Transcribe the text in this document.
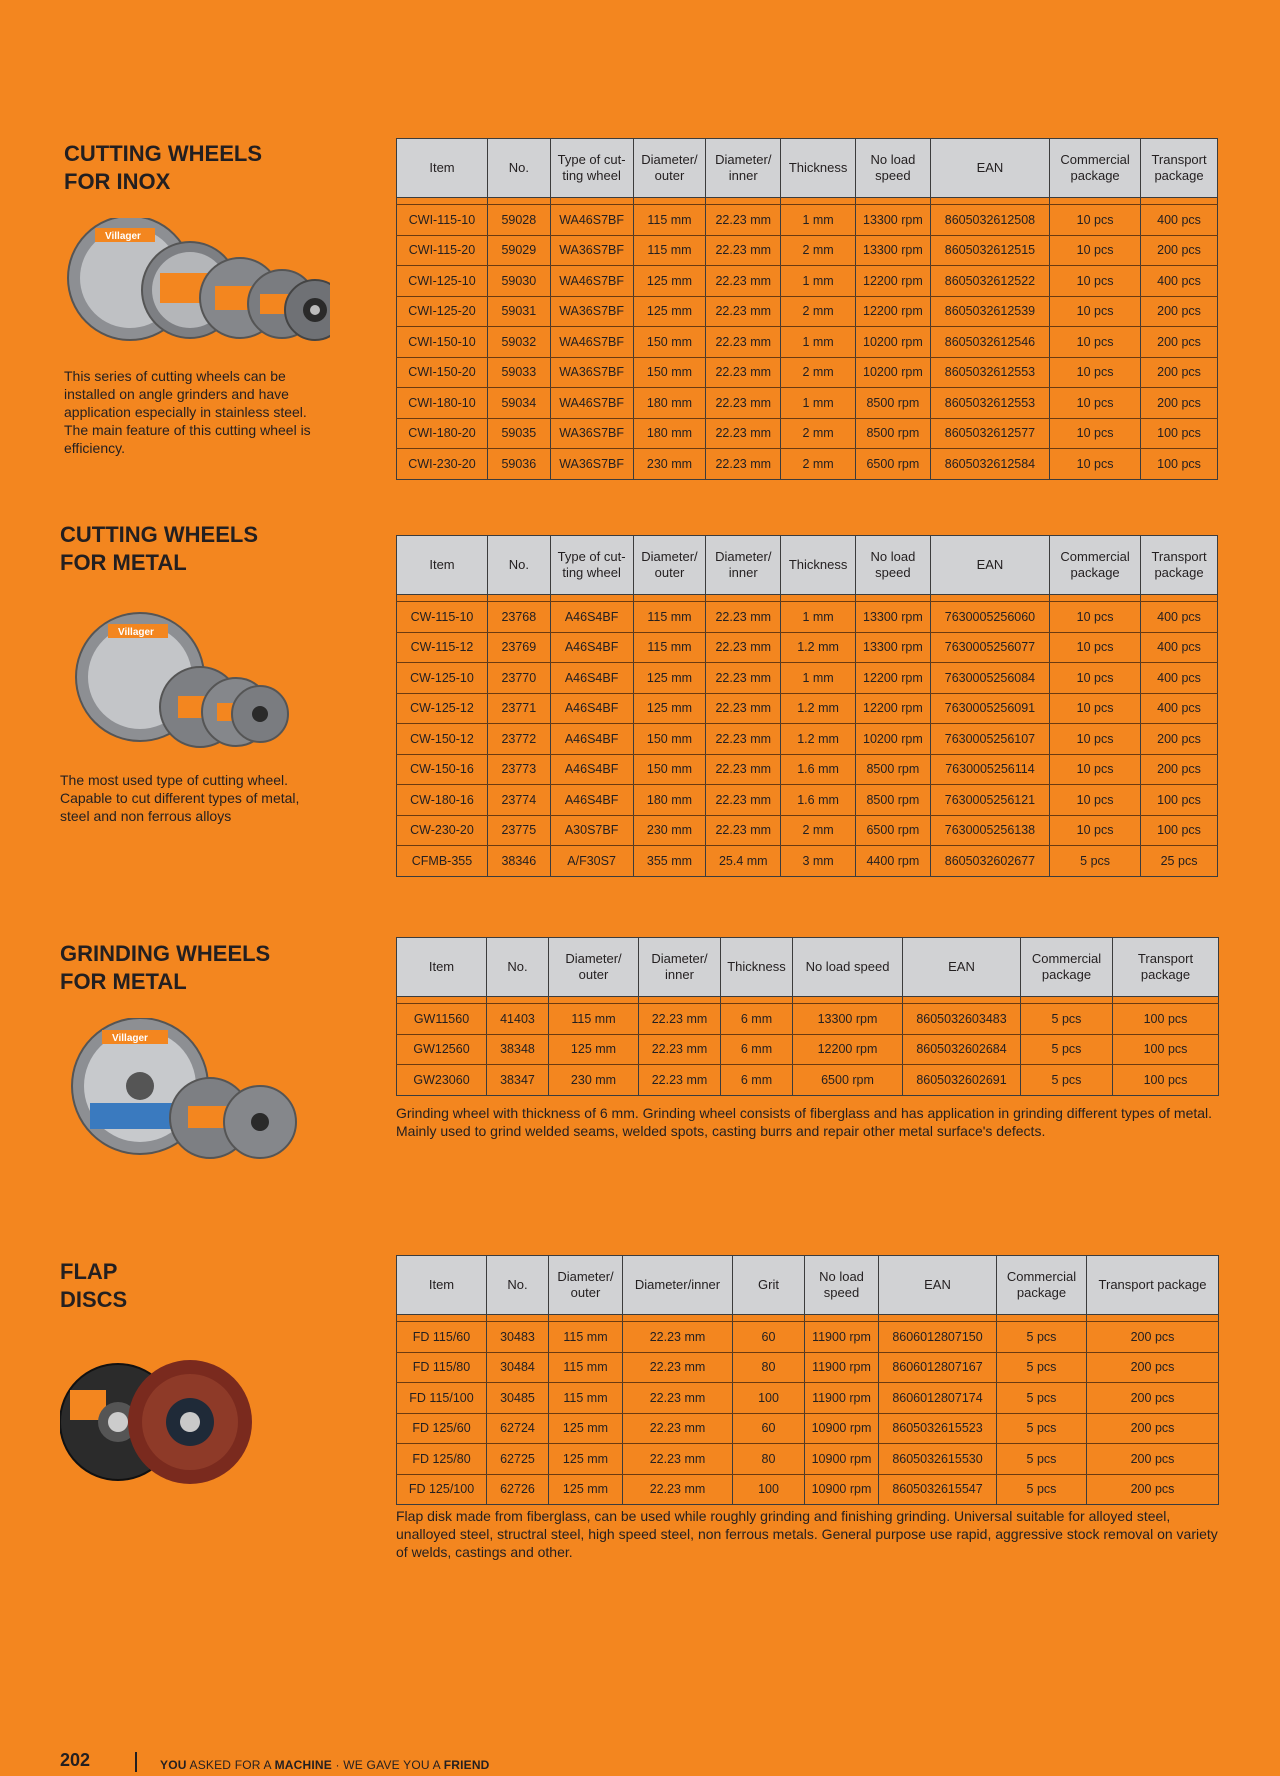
CUTTING WHEELS
FOR INOX
Villager

This series of cutting wheels can be installed on angle grinders and have application especially in stainless steel. The main feature of this cutting wheel is efficiency.

Item	No.	Type of cut-ting wheel	Diameter/ outer	Diameter/ inner	Thickness	No load speed	EAN	Commercial package	Transport package

CWI-115-10	59028	WA46S7BF	115 mm	22.23 mm	1 mm	13300 rpm	8605032612508	10 pcs	400 pcs
CWI-115-20	59029	WA36S7BF	115 mm	22.23 mm	2 mm	13300 rpm	8605032612515	10 pcs	200 pcs
CWI-125-10	59030	WA46S7BF	125 mm	22.23 mm	1 mm	12200 rpm	8605032612522	10 pcs	400 pcs
CWI-125-20	59031	WA36S7BF	125 mm	22.23 mm	2 mm	12200 rpm	8605032612539	10 pcs	200 pcs
CWI-150-10	59032	WA46S7BF	150 mm	22.23 mm	1 mm	10200 rpm	8605032612546	10 pcs	200 pcs
CWI-150-20	59033	WA36S7BF	150 mm	22.23 mm	2 mm	10200 rpm	8605032612553	10 pcs	200 pcs
CWI-180-10	59034	WA46S7BF	180 mm	22.23 mm	1 mm	8500 rpm	8605032612553	10 pcs	200 pcs
CWI-180-20	59035	WA36S7BF	180 mm	22.23 mm	2 mm	8500 rpm	8605032612577	10 pcs	100 pcs
CWI-230-20	59036	WA36S7BF	230 mm	22.23 mm	2 mm	6500 rpm	8605032612584	10 pcs	100 pcs
CUTTING WHEELS
FOR METAL
Villager

The most used type of cutting wheel. Capable to cut different types of metal, steel and non ferrous alloys

Item	No.	Type of cut-ting wheel	Diameter/ outer	Diameter/ inner	Thickness	No load speed	EAN	Commercial package	Transport package

CW-115-10	23768	A46S4BF	115 mm	22.23 mm	1 mm	13300 rpm	7630005256060	10 pcs	400 pcs
CW-115-12	23769	A46S4BF	115 mm	22.23 mm	1.2 mm	13300 rpm	7630005256077	10 pcs	400 pcs
CW-125-10	23770	A46S4BF	125 mm	22.23 mm	1 mm	12200 rpm	7630005256084	10 pcs	400 pcs
CW-125-12	23771	A46S4BF	125 mm	22.23 mm	1.2 mm	12200 rpm	7630005256091	10 pcs	400 pcs
CW-150-12	23772	A46S4BF	150 mm	22.23 mm	1.2 mm	10200 rpm	7630005256107	10 pcs	200 pcs
CW-150-16	23773	A46S4BF	150 mm	22.23 mm	1.6 mm	8500 rpm	7630005256114	10 pcs	200 pcs
CW-180-16	23774	A46S4BF	180 mm	22.23 mm	1.6 mm	8500 rpm	7630005256121	10 pcs	100 pcs
CW-230-20	23775	A30S7BF	230 mm	22.23 mm	2 mm	6500 rpm	7630005256138	10 pcs	100 pcs
CFMB-355	38346	A/F30S7	355 mm	25.4 mm	3 mm	4400 rpm	8605032602677	5 pcs	25 pcs
GRINDING WHEELS
FOR METAL
Villager
Item	No.	Diameter/ outer	Diameter/ inner	Thickness	No load speed	EAN	Commercial package	Transport package

GW11560	41403	115 mm	22.23 mm	6 mm	13300 rpm	8605032603483	5 pcs	100 pcs
GW12560	38348	125 mm	22.23 mm	6 mm	12200 rpm	8605032602684	5 pcs	100 pcs
GW23060	38347	230 mm	22.23 mm	6 mm	6500 rpm	8605032602691	5 pcs	100 pcs

Grinding wheel with thickness of 6 mm. Grinding wheel consists of fiberglass and has application in grinding different types of metal. Mainly used to grind welded seams, welded spots, casting burrs and repair other metal surface's defects.

FLAP
DISCS
Item	No.	Diameter/ outer	Diameter/inner	Grit	No load speed	EAN	Commercial package	Transport package

FD 115/60	30483	115 mm	22.23 mm	60	11900 rpm	8606012807150	5 pcs	200 pcs
FD 115/80	30484	115 mm	22.23 mm	80	11900 rpm	8606012807167	5 pcs	200 pcs
FD 115/100	30485	115 mm	22.23 mm	100	11900 rpm	8606012807174	5 pcs	200 pcs
FD 125/60	62724	125 mm	22.23 mm	60	10900 rpm	8605032615523	5 pcs	200 pcs
FD 125/80	62725	125 mm	22.23 mm	80	10900 rpm	8605032615530	5 pcs	200 pcs
FD 125/100	62726	125 mm	22.23 mm	100	10900 rpm	8605032615547	5 pcs	200 pcs

Flap disk made from fiberglass, can be used while roughly grinding and finishing grinding. Universal suitable for alloyed steel, unalloyed steel, structral steel, high speed steel, non ferrous metals. General purpose use rapid, aggressive stock removal on variety of welds, castings and other.

202	YOU ASKED FOR A MACHINE · WE GAVE YOU A FRIEND
